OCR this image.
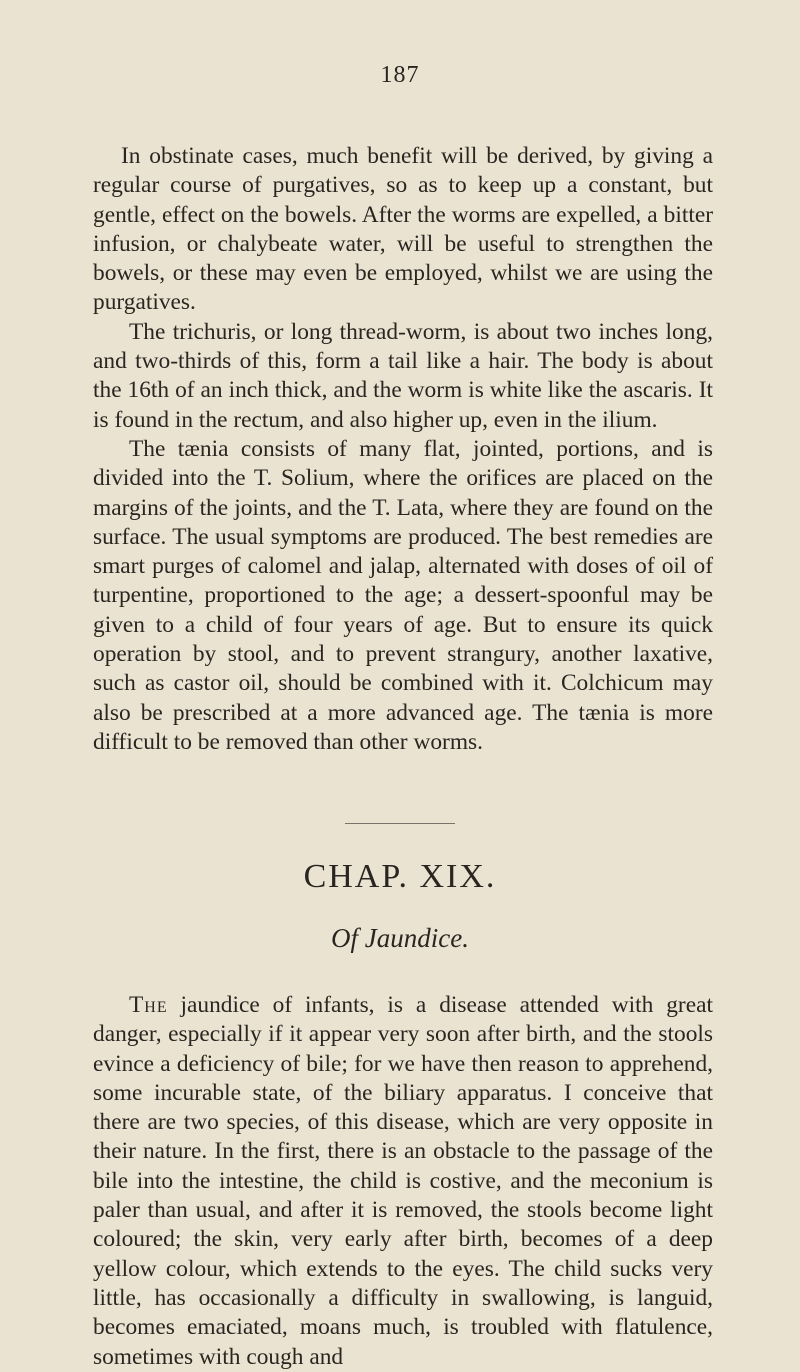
187

In obstinate cases, much benefit will be derived, by giving a regular course of purgatives, so as to keep up a constant, but gentle, effect on the bowels. After the worms are expelled, a bitter infusion, or chalybeate water, will be useful to strengthen the bowels, or these may even be employed, whilst we are using the purgatives.

The trichuris, or long thread-worm, is about two inches long, and two-thirds of this, form a tail like a hair. The body is about the 16th of an inch thick, and the worm is white like the ascaris. It is found in the rectum, and also higher up, even in the ilium.

The tænia consists of many flat, jointed, portions, and is divided into the T. Solium, where the orifices are placed on the margins of the joints, and the T. Lata, where they are found on the surface. The usual symptoms are produced. The best remedies are smart purges of calomel and jalap, alternated with doses of oil of turpentine, proportioned to the age; a dessert-spoonful may be given to a child of four years of age. But to ensure its quick operation by stool, and to prevent strangury, another laxative, such as castor oil, should be combined with it. Colchicum may also be prescribed at a more advanced age. The tænia is more difficult to be removed than other worms.

CHAP. XIX.
Of Jaundice.

The jaundice of infants, is a disease attended with great danger, especially if it appear very soon after birth, and the stools evince a deficiency of bile; for we have then reason to apprehend, some incurable state, of the biliary apparatus. I conceive that there are two species, of this disease, which are very opposite in their nature. In the first, there is an obstacle to the passage of the bile into the intestine, the child is costive, and the meconium is paler than usual, and after it is removed, the stools become light coloured; the skin, very early after birth, becomes of a deep yellow colour, which extends to the eyes. The child sucks very little, has occasionally a difficulty in swallowing, is languid, becomes emaciated, moans much, is troubled with flatulence, sometimes with cough and
